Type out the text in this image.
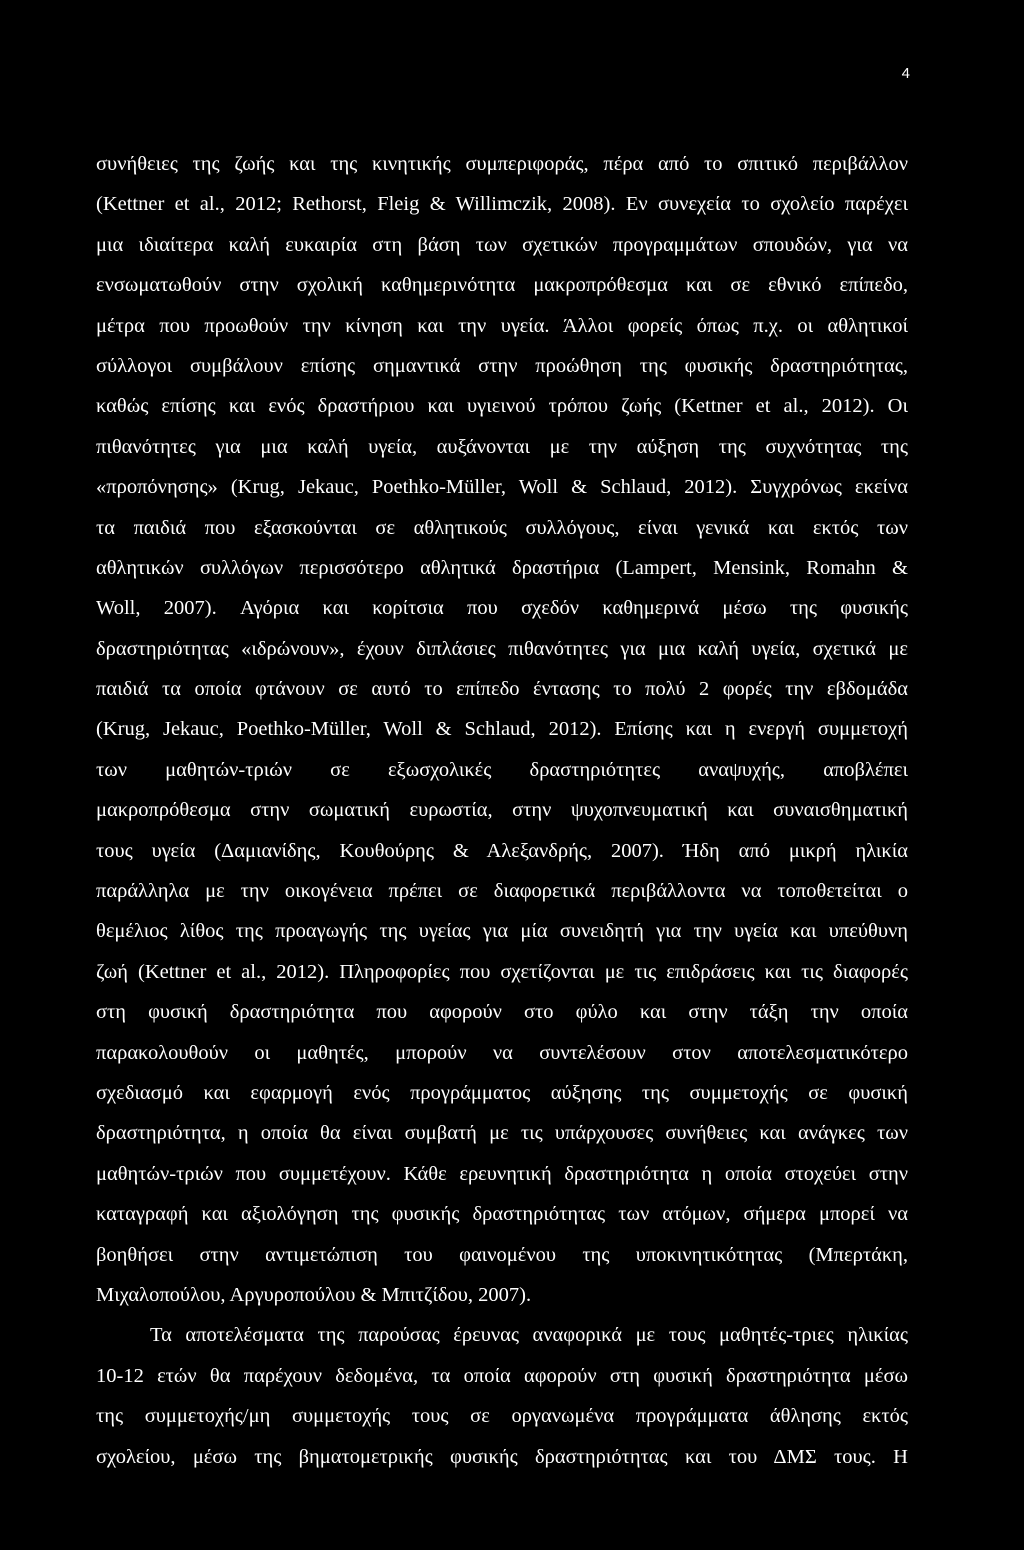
4
συνήθειες της ζωής και της κινητικής συμπεριφοράς, πέρα από το σπιτικό περιβάλλον
(Kettner et al., 2012; Rethorst, Fleig & Willimczik, 2008). Εν συνεχεία το σχολείο παρέχει
μια ιδιαίτερα καλή ευκαιρία στη βάση των σχετικών προγραμμάτων σπουδών, για να
ενσωματωθούν στην σχολική καθημερινότητα μακροπρόθεσμα και σε εθνικό επίπεδο,
μέτρα που προωθούν την κίνηση και την υγεία. Άλλοι φορείς όπως π.χ. οι αθλητικοί
σύλλογοι συμβάλουν επίσης σημαντικά στην προώθηση της φυσικής δραστηριότητας,
καθώς επίσης και ενός δραστήριου και υγιεινού τρόπου ζωής (Kettner et al., 2012). Οι
πιθανότητες για μια καλή υγεία, αυξάνονται με την αύξηση της συχνότητας της
«προπόνησης» (Krug, Jekauc, Poethko-Müller, Woll & Schlaud, 2012). Συγχρόνως εκείνα
τα παιδιά που εξασκούνται σε αθλητικούς συλλόγους, είναι γενικά και εκτός των
αθλητικών συλλόγων περισσότερο αθλητικά δραστήρια (Lampert, Mensink, Romahn &
Woll, 2007). Αγόρια και κορίτσια που σχεδόν καθημερινά μέσω της φυσικής
δραστηριότητας «ιδρώνουν», έχουν διπλάσιες πιθανότητες για μια καλή υγεία, σχετικά με
παιδιά τα οποία φτάνουν σε αυτό το επίπεδο έντασης το πολύ 2 φορές την εβδομάδα
(Krug, Jekauc, Poethko-Müller, Woll & Schlaud, 2012). Επίσης και η ενεργή συμμετοχή
των μαθητών-τριών σε εξωσχολικές δραστηριότητες αναψυχής, αποβλέπει
μακροπρόθεσμα στην σωματική ευρωστία, στην ψυχοπνευματική και συναισθηματική
τους υγεία (Δαμιανίδης, Κουθούρης & Αλεξανδρής, 2007). Ήδη από μικρή ηλικία
παράλληλα με την οικογένεια πρέπει σε διαφορετικά περιβάλλοντα να τοποθετείται ο
θεμέλιος λίθος της προαγωγής της υγείας για μία συνειδητή για την υγεία και υπεύθυνη
ζωή (Kettner et al., 2012). Πληροφορίες που σχετίζονται με τις επιδράσεις και τις διαφορές
στη φυσική δραστηριότητα που αφορούν στο φύλο και στην τάξη την οποία
παρακολουθούν οι μαθητές, μπορούν να συντελέσουν στον αποτελεσματικότερο
σχεδιασμό και εφαρμογή ενός προγράμματος αύξησης της συμμετοχής σε φυσική
δραστηριότητα, η οποία θα είναι συμβατή με τις υπάρχουσες συνήθειες και ανάγκες των
μαθητών-τριών που συμμετέχουν. Κάθε ερευνητική δραστηριότητα η οποία στοχεύει στην
καταγραφή και αξιολόγηση της φυσικής δραστηριότητας των ατόμων, σήμερα μπορεί να
βοηθήσει στην αντιμετώπιση του φαινομένου της υποκινητικότητας (Μπερτάκη,
Μιχαλοπούλου, Αργυροπούλου & Μπιτζίδου, 2007).
Τα αποτελέσματα της παρούσας έρευνας αναφορικά με τους μαθητές-τριες ηλικίας
10-12 ετών θα παρέχουν δεδομένα, τα οποία αφορούν στη φυσική δραστηριότητα μέσω
της συμμετοχής/μη συμμετοχής τους σε οργανωμένα προγράμματα άθλησης εκτός
σχολείου, μέσω της βηματομετρικής φυσικής δραστηριότητας και του ΔΜΣ τους. Η
